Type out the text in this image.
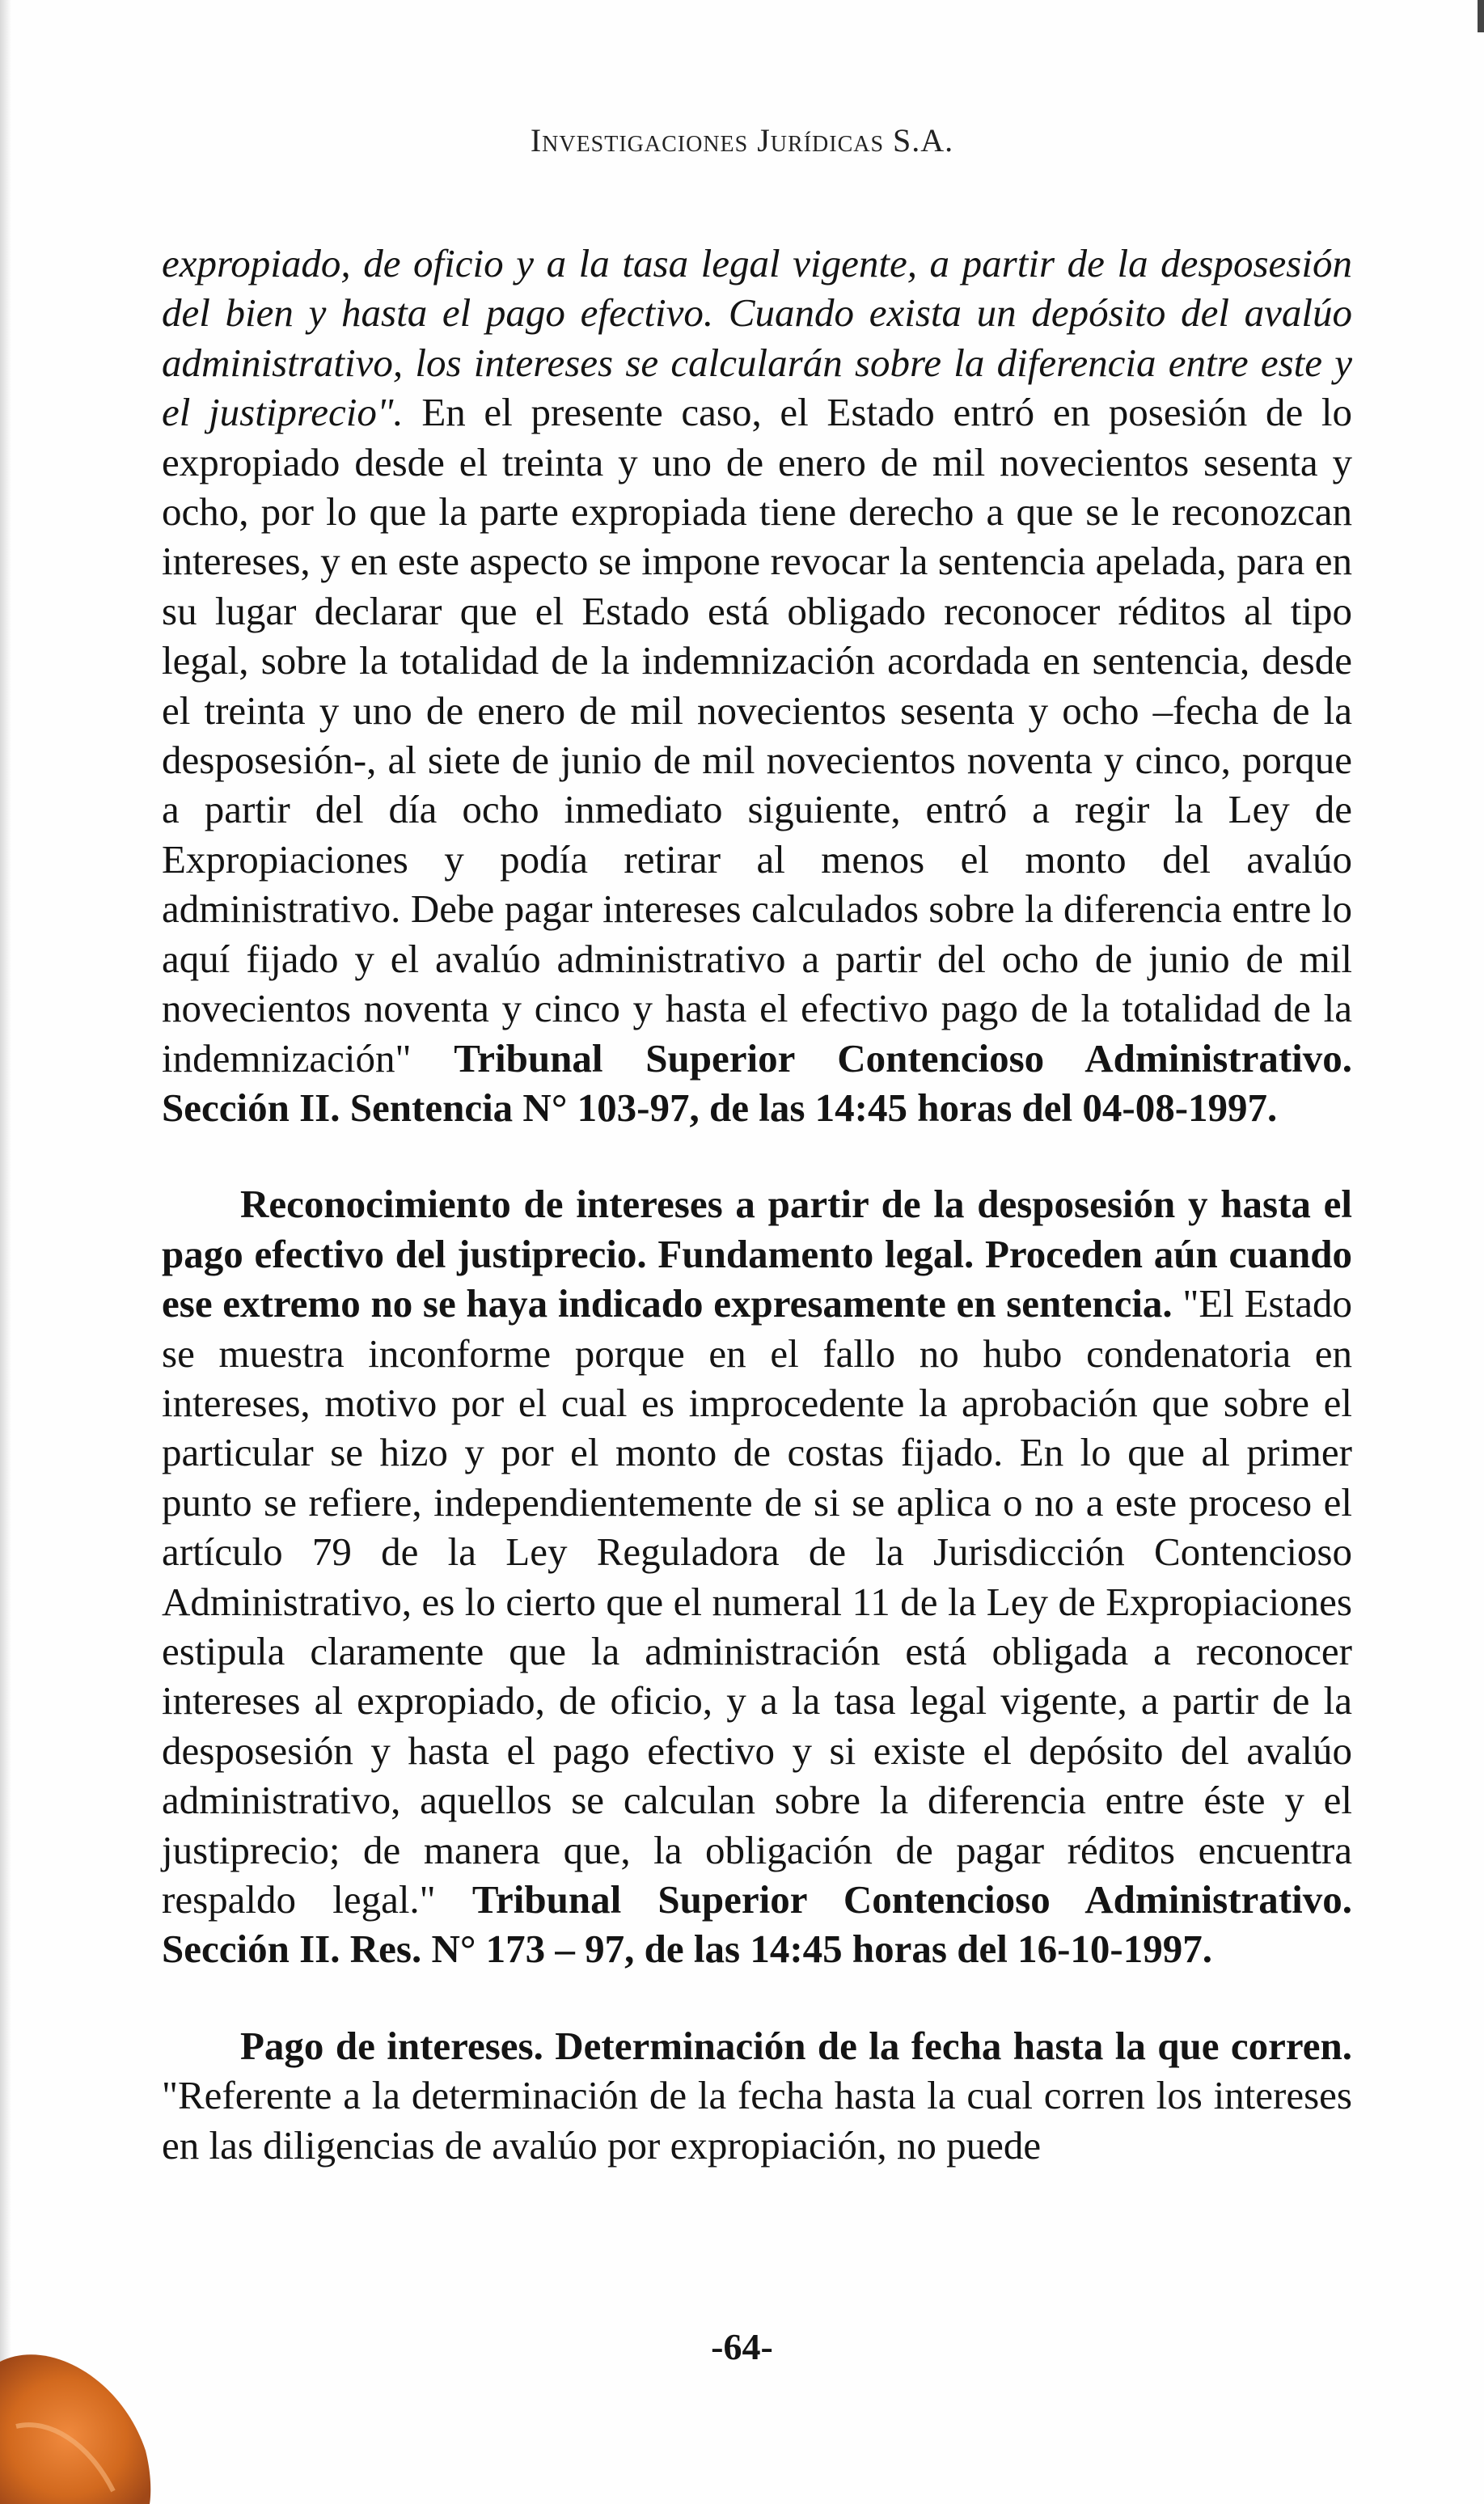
Investigaciones Jurídicas S.A.

expropiado, de oficio y a la tasa legal vigente, a partir de la desposesión del bien y hasta el pago efectivo. Cuando exista un depósito del avalúo administrativo, los intereses se calcularán sobre la diferencia entre este y el justiprecio". En el presente caso, el Estado entró en posesión de lo expropiado desde el treinta y uno de enero de mil novecientos sesenta y ocho, por lo que la parte expropiada tiene derecho a que se le reconozcan intereses, y en este aspecto se impone revocar la sentencia apelada, para en su lugar declarar que el Estado está obligado reconocer réditos al tipo legal, sobre la totalidad de la indemnización acordada en sentencia, desde el treinta y uno de enero de mil novecientos sesenta y ocho –fecha de la desposesión-, al siete de junio de mil novecientos noventa y cinco, porque a partir del día ocho inmediato siguiente, entró a regir la Ley de Expropiaciones y podía retirar al menos el monto del avalúo administrativo. Debe pagar intereses calculados sobre la diferencia entre lo aquí fijado y el avalúo administrativo a partir del ocho de junio de mil novecientos noventa y cinco y hasta el efectivo pago de la totalidad de la indemnización" Tribunal Superior Contencioso Administrativo. Sección II. Sentencia N° 103-97, de las 14:45 horas del 04-08-1997.

Reconocimiento de intereses a partir de la desposesión y hasta el pago efectivo del justiprecio. Fundamento legal. Proceden aún cuando ese extremo no se haya indicado expresamente en sentencia. "El Estado se muestra inconforme porque en el fallo no hubo condenatoria en intereses, motivo por el cual es improcedente la aprobación que sobre el particular se hizo y por el monto de costas fijado. En lo que al primer punto se refiere, independientemente de si se aplica o no a este proceso el artículo 79 de la Ley Reguladora de la Jurisdicción Contencioso Administrativo, es lo cierto que el numeral 11 de la Ley de Expropiaciones estipula claramente que la administración está obligada a reconocer intereses al expropiado, de oficio, y a la tasa legal vigente, a partir de la desposesión y hasta el pago efectivo y si existe el depósito del avalúo administrativo, aquellos se calculan sobre la diferencia entre éste y el justiprecio; de manera que, la obligación de pagar réditos encuentra respaldo legal." Tribunal Superior Contencioso Administrativo. Sección II. Res. N° 173 – 97, de las 14:45 horas del 16-10-1997.

Pago de intereses. Determinación de la fecha hasta la que corren. "Referente a la determinación de la fecha hasta la cual corren los intereses en las diligencias de avalúo por expropiación, no puede

-64-
